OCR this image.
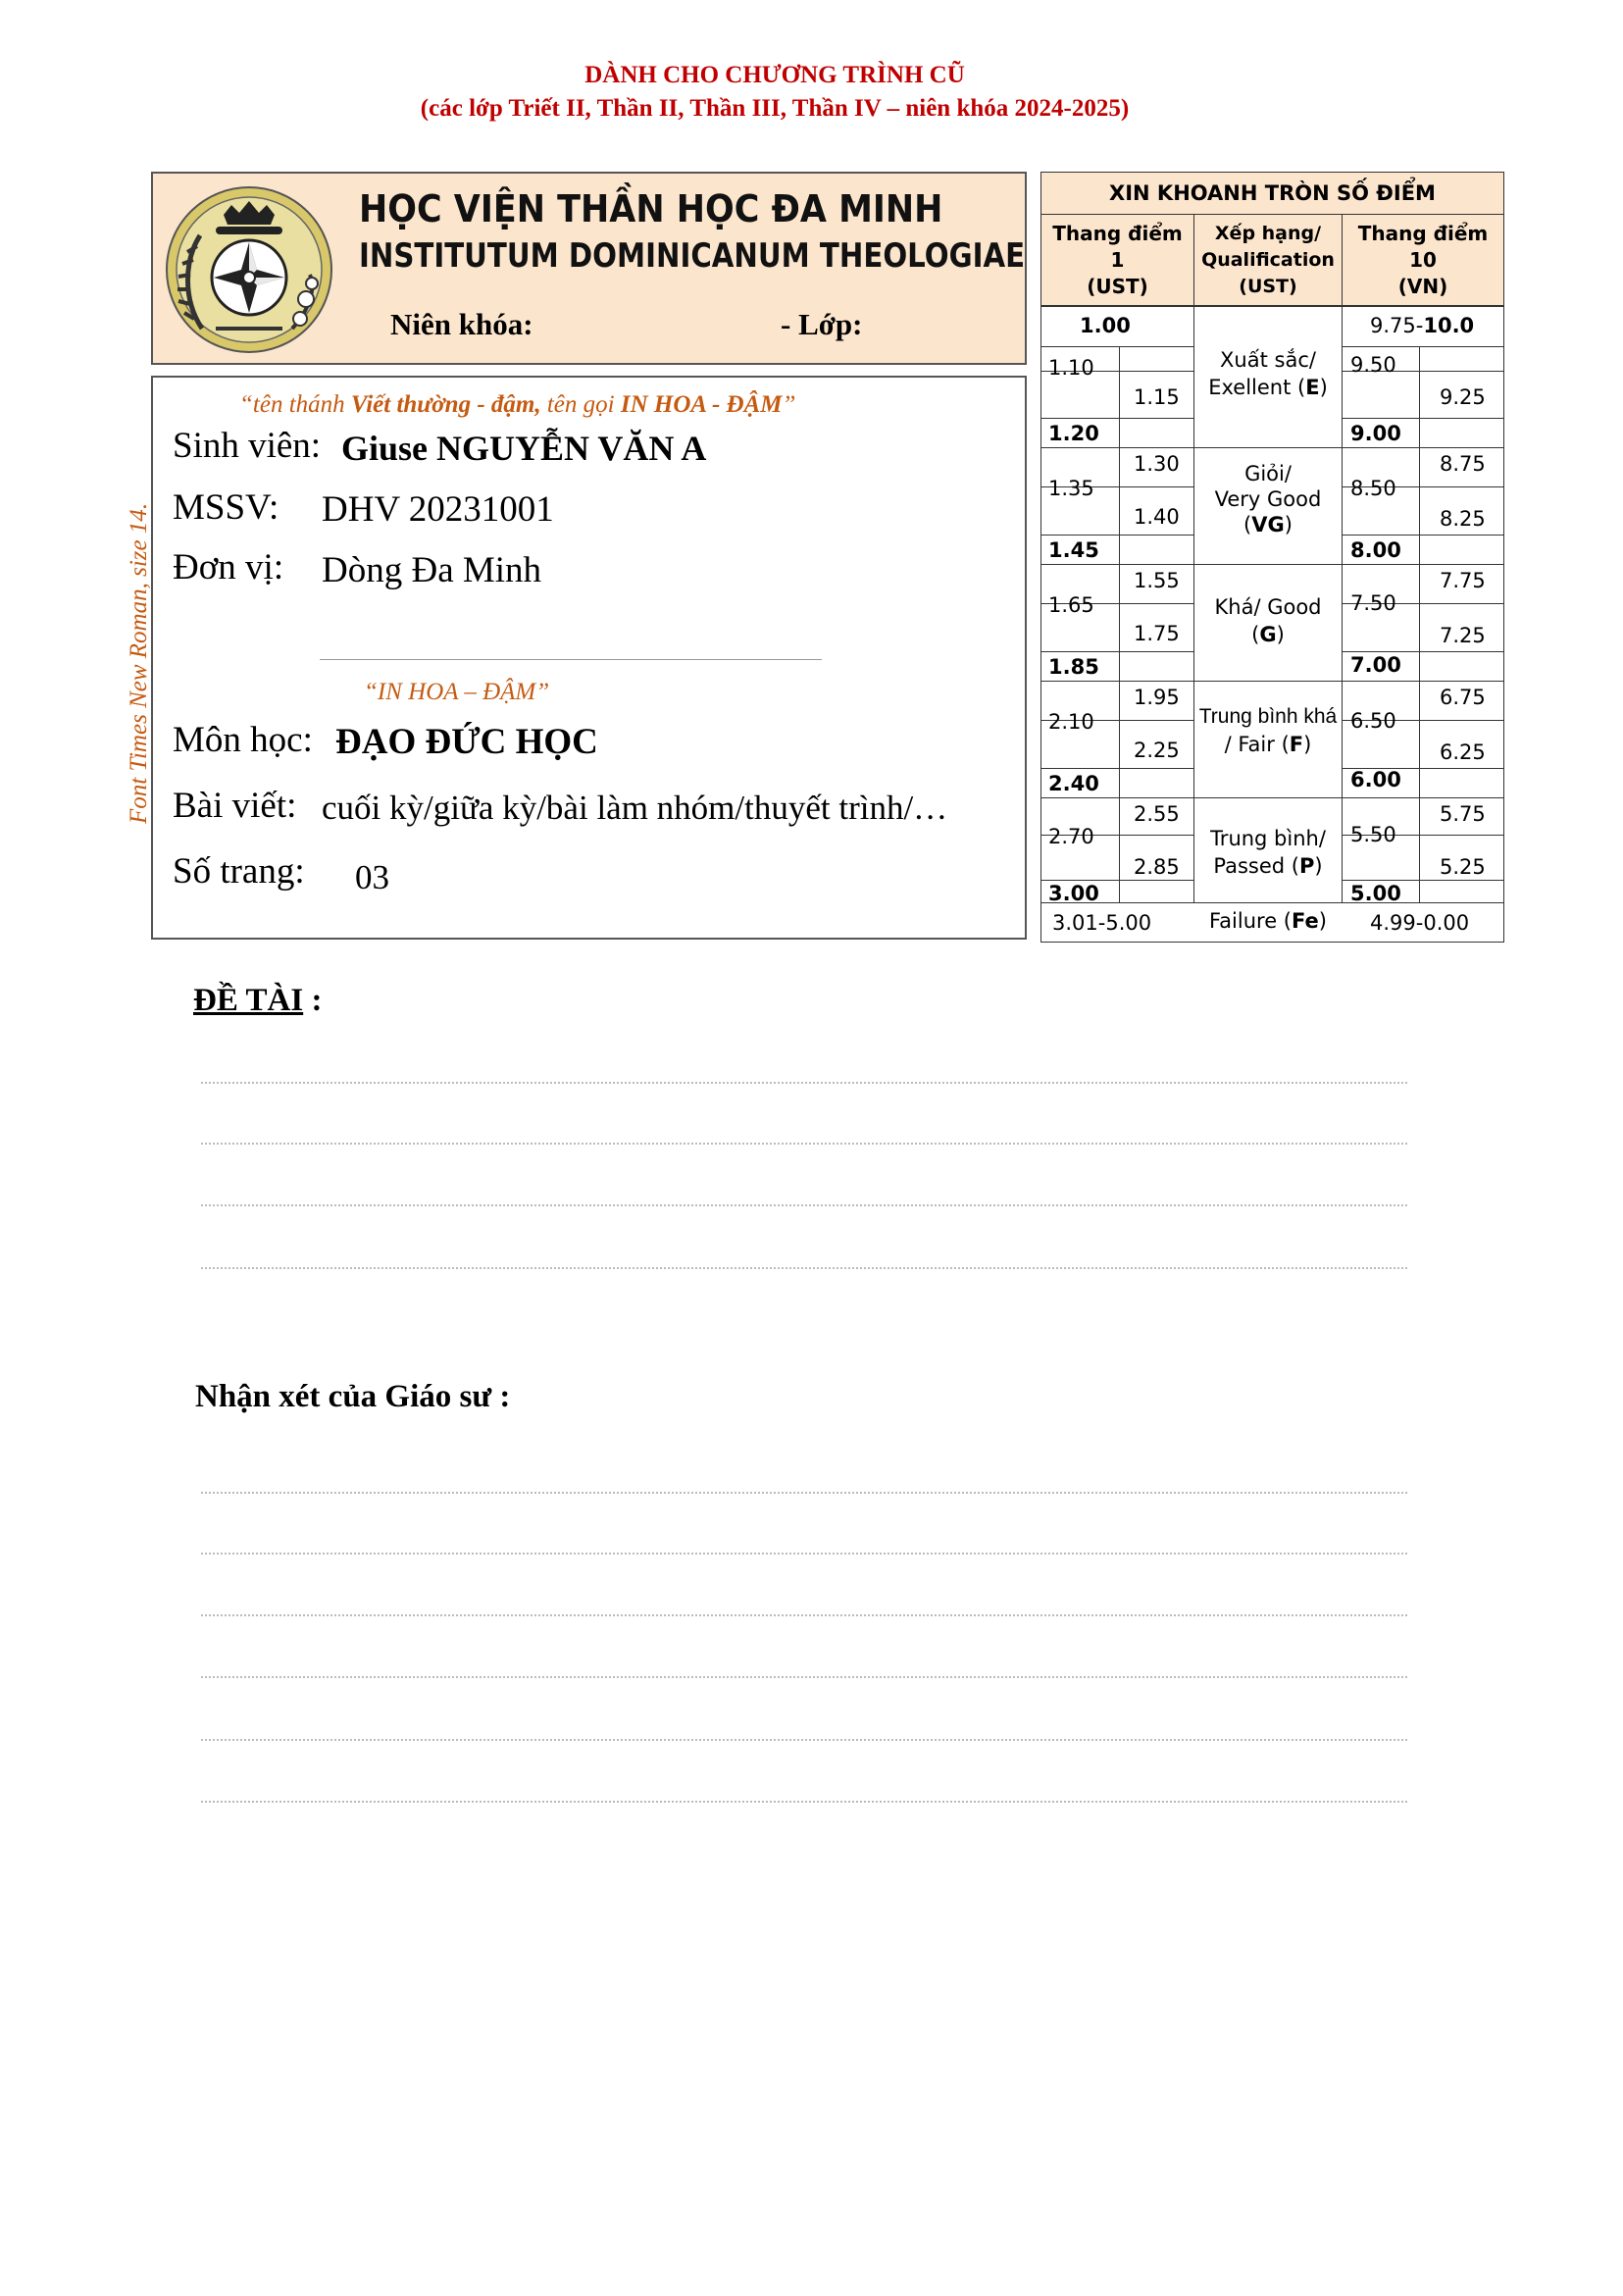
DÀNH CHO CHƯƠNG TRÌNH CŨ
(các lớp Triết II, Thần II, Thần III, Thần IV – niên khóa 2024-2025)
HỌC VIỆN THẦN HỌC ĐA MINH
INSTITUTUM DOMINICANUM THEOLOGIAE
Niên khóa:	- Lớp:
Font Times New Roman, size 14.
“tên thánh Viết thường - đậm, tên gọi IN HOA - ĐẬM”
Sinh viên: Giuse NGUYỄN VĂN A
MSSV: DHV 20231001
Đơn vị: Dòng Đa Minh
“IN HOA – ĐẬM”
Môn học: ĐẠO ĐỨC HỌC
Bài viết: cuối kỳ/giữa kỳ/bài làm nhóm/thuyết trình/…
Số trang: 03
XIN KHOANH TRÒN SỐ ĐIỂM
Thang điểm
1
(UST)
Xếp hạng/
Qualification
(UST)
Thang điểm
10
(VN)
1.00
1.10
1.15
1.20
1.30
1.35
1.40
1.45
1.55
1.65
1.75
1.85
1.95
2.10
2.25
2.40
2.55
2.70
2.85
3.00
9.75-10.0
9.50
9.25
9.00
8.75
8.50
8.25
8.00
7.75
7.50
7.25
7.00
6.75
6.50
6.25
6.00
5.75
5.50
5.25
5.00
Xuất sắc/
Exellent (E)
Giỏi/
Very Good
(VG)
Khá/ Good
(G)
Trung bình khá
/ Fair (F)
Trung bình/
Passed (P)
Failure (Fe)
3.01-5.00	4.99-0.00
ĐỀ TÀI :
Nhận xét của Giáo sư :
